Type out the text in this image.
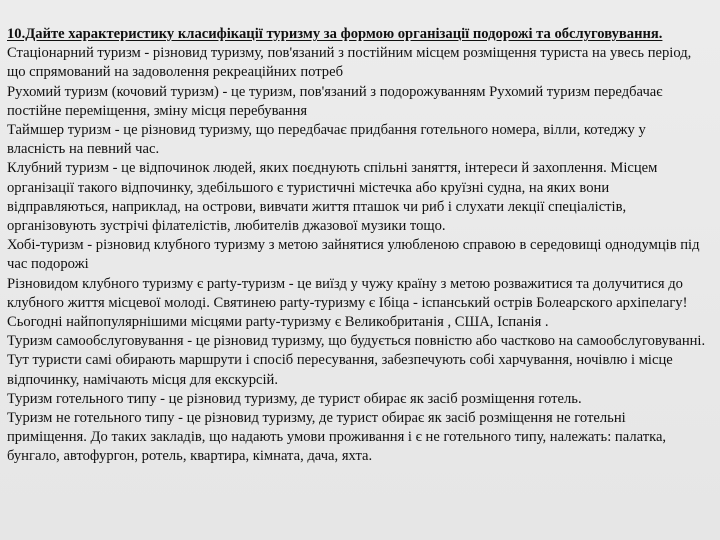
10.Дайте характеристику класифікації туризму за формою організації подорожі та обслуговування.

Стаціонарний туризм - різновид туризму, пов'язаний з постійним місцем розміщення туриста на увесь період, що спрямований на задоволення рекреаційних потреб

Рухомий туризм (кочовий туризм) - це туризм, пов'язаний з подорожуванням Рухомий туризм передбачає постійне переміщення, зміну місця перебування

Таймшер туризм - це різновид туризму, що передбачає придбання готельного номера, вілли, котеджу у власність на певний час.

Клубний туризм - це відпочинок людей, яких поєднують спільні заняття, інтереси й захоплення. Місцем організації такого відпочинку, здебільшого є туристичні містечка або круїзні судна, на яких вони відправляються, наприклад, на острови, вивчати життя пташок чи риб і слухати лекції спеціалістів, організовують зустрічі філателістів, любителів джазової музики тощо.

Хобі-туризм - різновид клубного туризму з метою зайнятися улюбленою справою в середовищі однодумців під час подорожі

Різновидом клубного туризму є party-туризм - це виїзд у чужу країну з метою розважитися та долучитися до клубного життя місцевої молоді. Святинею party-туризму є Ібіца - іспанський острів Болеарского архіпелагу! Сьогодні найпопулярнішими місцями party-туризму є Великобританія , США, Іспанія .

Туризм самообслуговування - це різновид туризму, що будується повністю або частково на самообслуговуванні. Тут туристи самі обирають маршрути і спосіб пересування, забезпечують собі харчування, ночівлю і місце відпочинку, намічають місця для екскурсій.

Туризм готельного типу - це різновид туризму, де турист обирає як засіб розміщення готель.

Туризм не готельного типу - це різновид туризму, де турист обирає як засіб розміщення не готельні приміщення. До таких закладів, що надають умови проживання і є не готельного типу, належать: палатка, бунгало, автофургон, ротель, квартира, кімната, дача, яхта.
